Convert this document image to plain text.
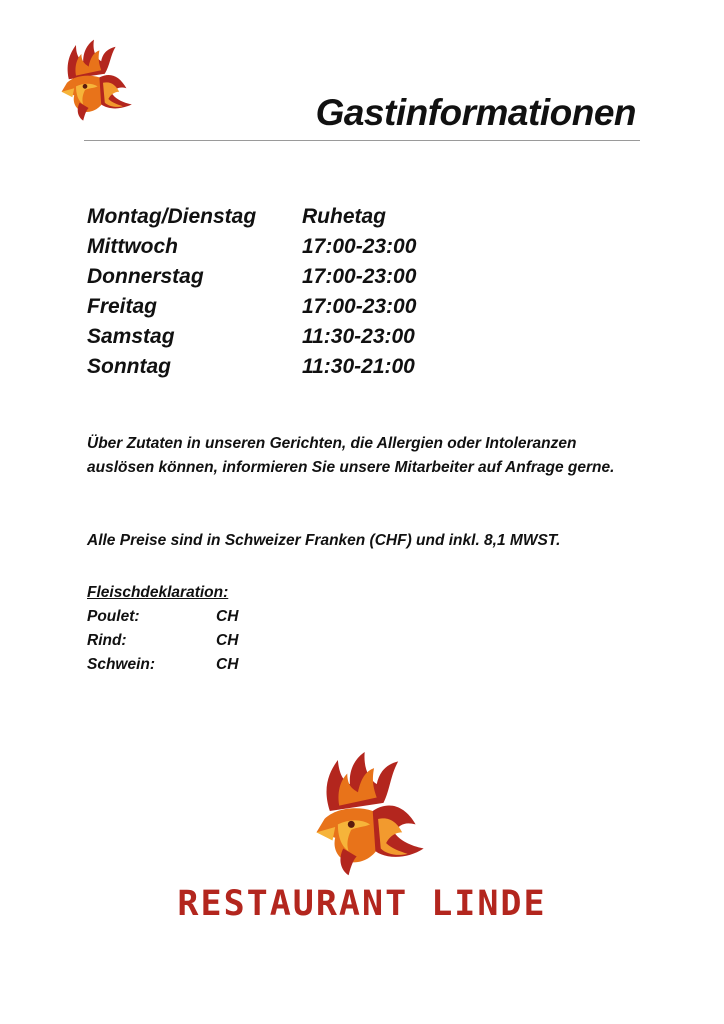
Gastinformationen
Montag/Dienstag	Ruhetag
Mittwoch	17:00-23:00
Donnerstag	17:00-23:00
Freitag	17:00-23:00
Samstag	11:30-23:00
Sonntag	11:30-21:00

Über Zutaten in unseren Gerichten, die Allergien oder Intoleranzen auslösen können, informieren Sie unsere Mitarbeiter auf Anfrage gerne.

Alle Preise sind in Schweizer Franken (CHF) und inkl. 8,1 MWST.

Fleischdeklaration:

Poulet:	CH
Rind:	CH
Schwein:	CH

RESTAURANT LINDE
